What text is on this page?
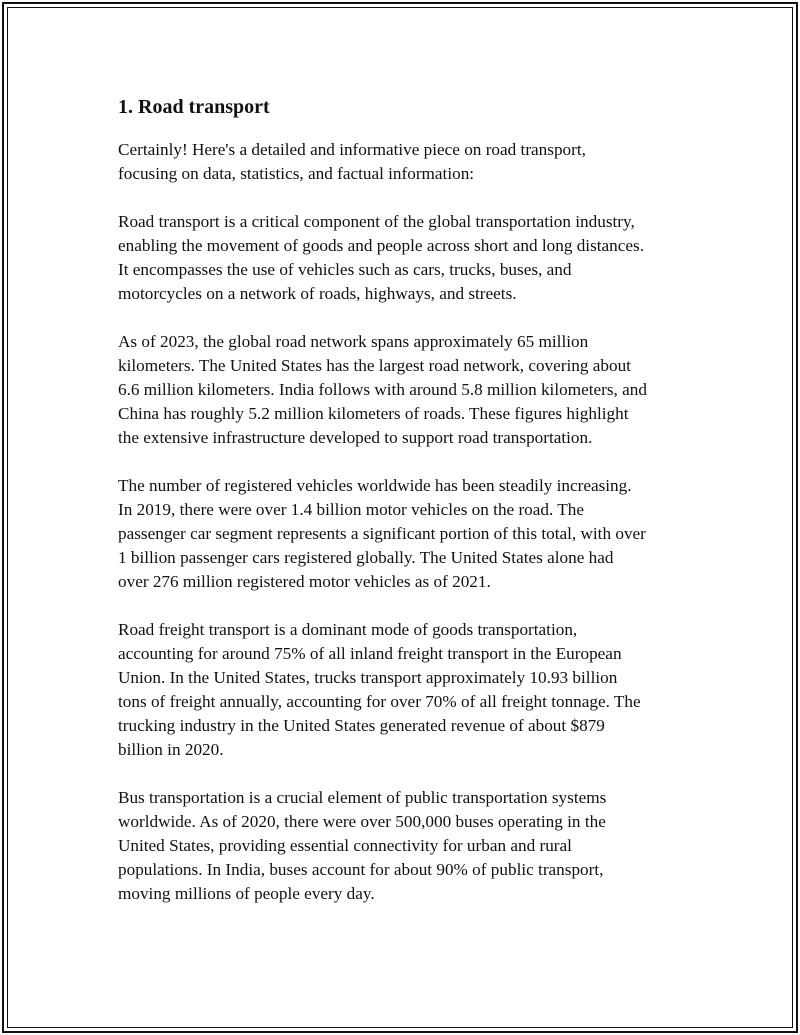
1. Road transport

Certainly! Here's a detailed and informative piece on road transport,
focusing on data, statistics, and factual information:

Road transport is a critical component of the global transportation industry,
enabling the movement of goods and people across short and long distances.
It encompasses the use of vehicles such as cars, trucks, buses, and
motorcycles on a network of roads, highways, and streets.

As of 2023, the global road network spans approximately 65 million
kilometers. The United States has the largest road network, covering about
6.6 million kilometers. India follows with around 5.8 million kilometers, and
China has roughly 5.2 million kilometers of roads. These figures highlight
the extensive infrastructure developed to support road transportation.

The number of registered vehicles worldwide has been steadily increasing.
In 2019, there were over 1.4 billion motor vehicles on the road. The
passenger car segment represents a significant portion of this total, with over
1 billion passenger cars registered globally. The United States alone had
over 276 million registered motor vehicles as of 2021.

Road freight transport is a dominant mode of goods transportation,
accounting for around 75% of all inland freight transport in the European
Union. In the United States, trucks transport approximately 10.93 billion
tons of freight annually, accounting for over 70% of all freight tonnage. The
trucking industry in the United States generated revenue of about $879
billion in 2020.

Bus transportation is a crucial element of public transportation systems
worldwide. As of 2020, there were over 500,000 buses operating in the
United States, providing essential connectivity for urban and rural
populations. In India, buses account for about 90% of public transport,
moving millions of people every day.
